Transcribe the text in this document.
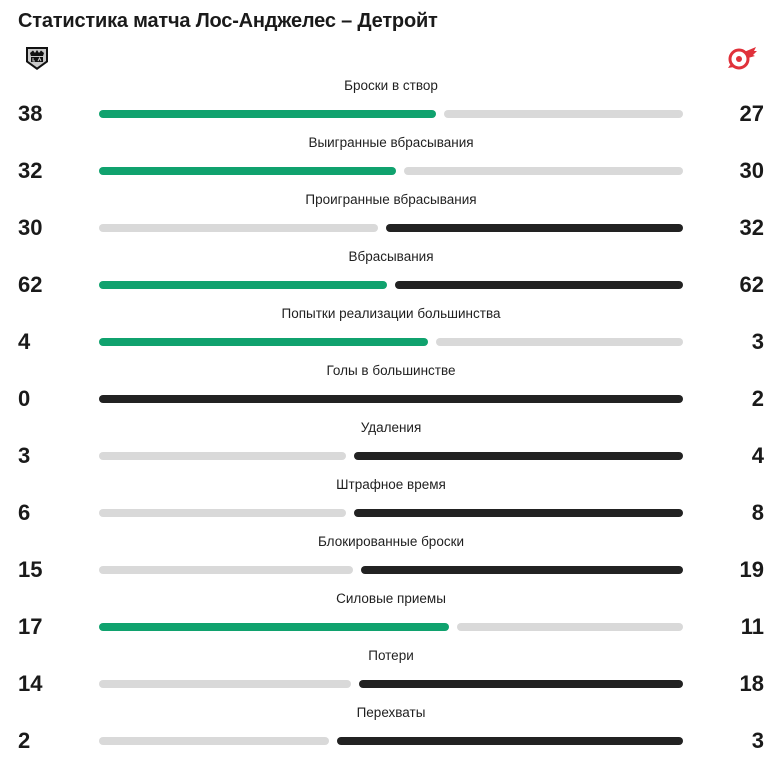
Статистика матча Лос-Анджелес – Детройт
Броски в створ
38	27
Выигранные вбрасывания
32	30
Проигранные вбрасывания
30	32
Вбрасывания
62	62
Попытки реализации большинства
4	3
Голы в большинстве
0	2
Удаления
3	4
Штрафное время
6	8
Блокированные броски
15	19
Силовые приемы
17	11
Потери
14	18
Перехваты
2	3
